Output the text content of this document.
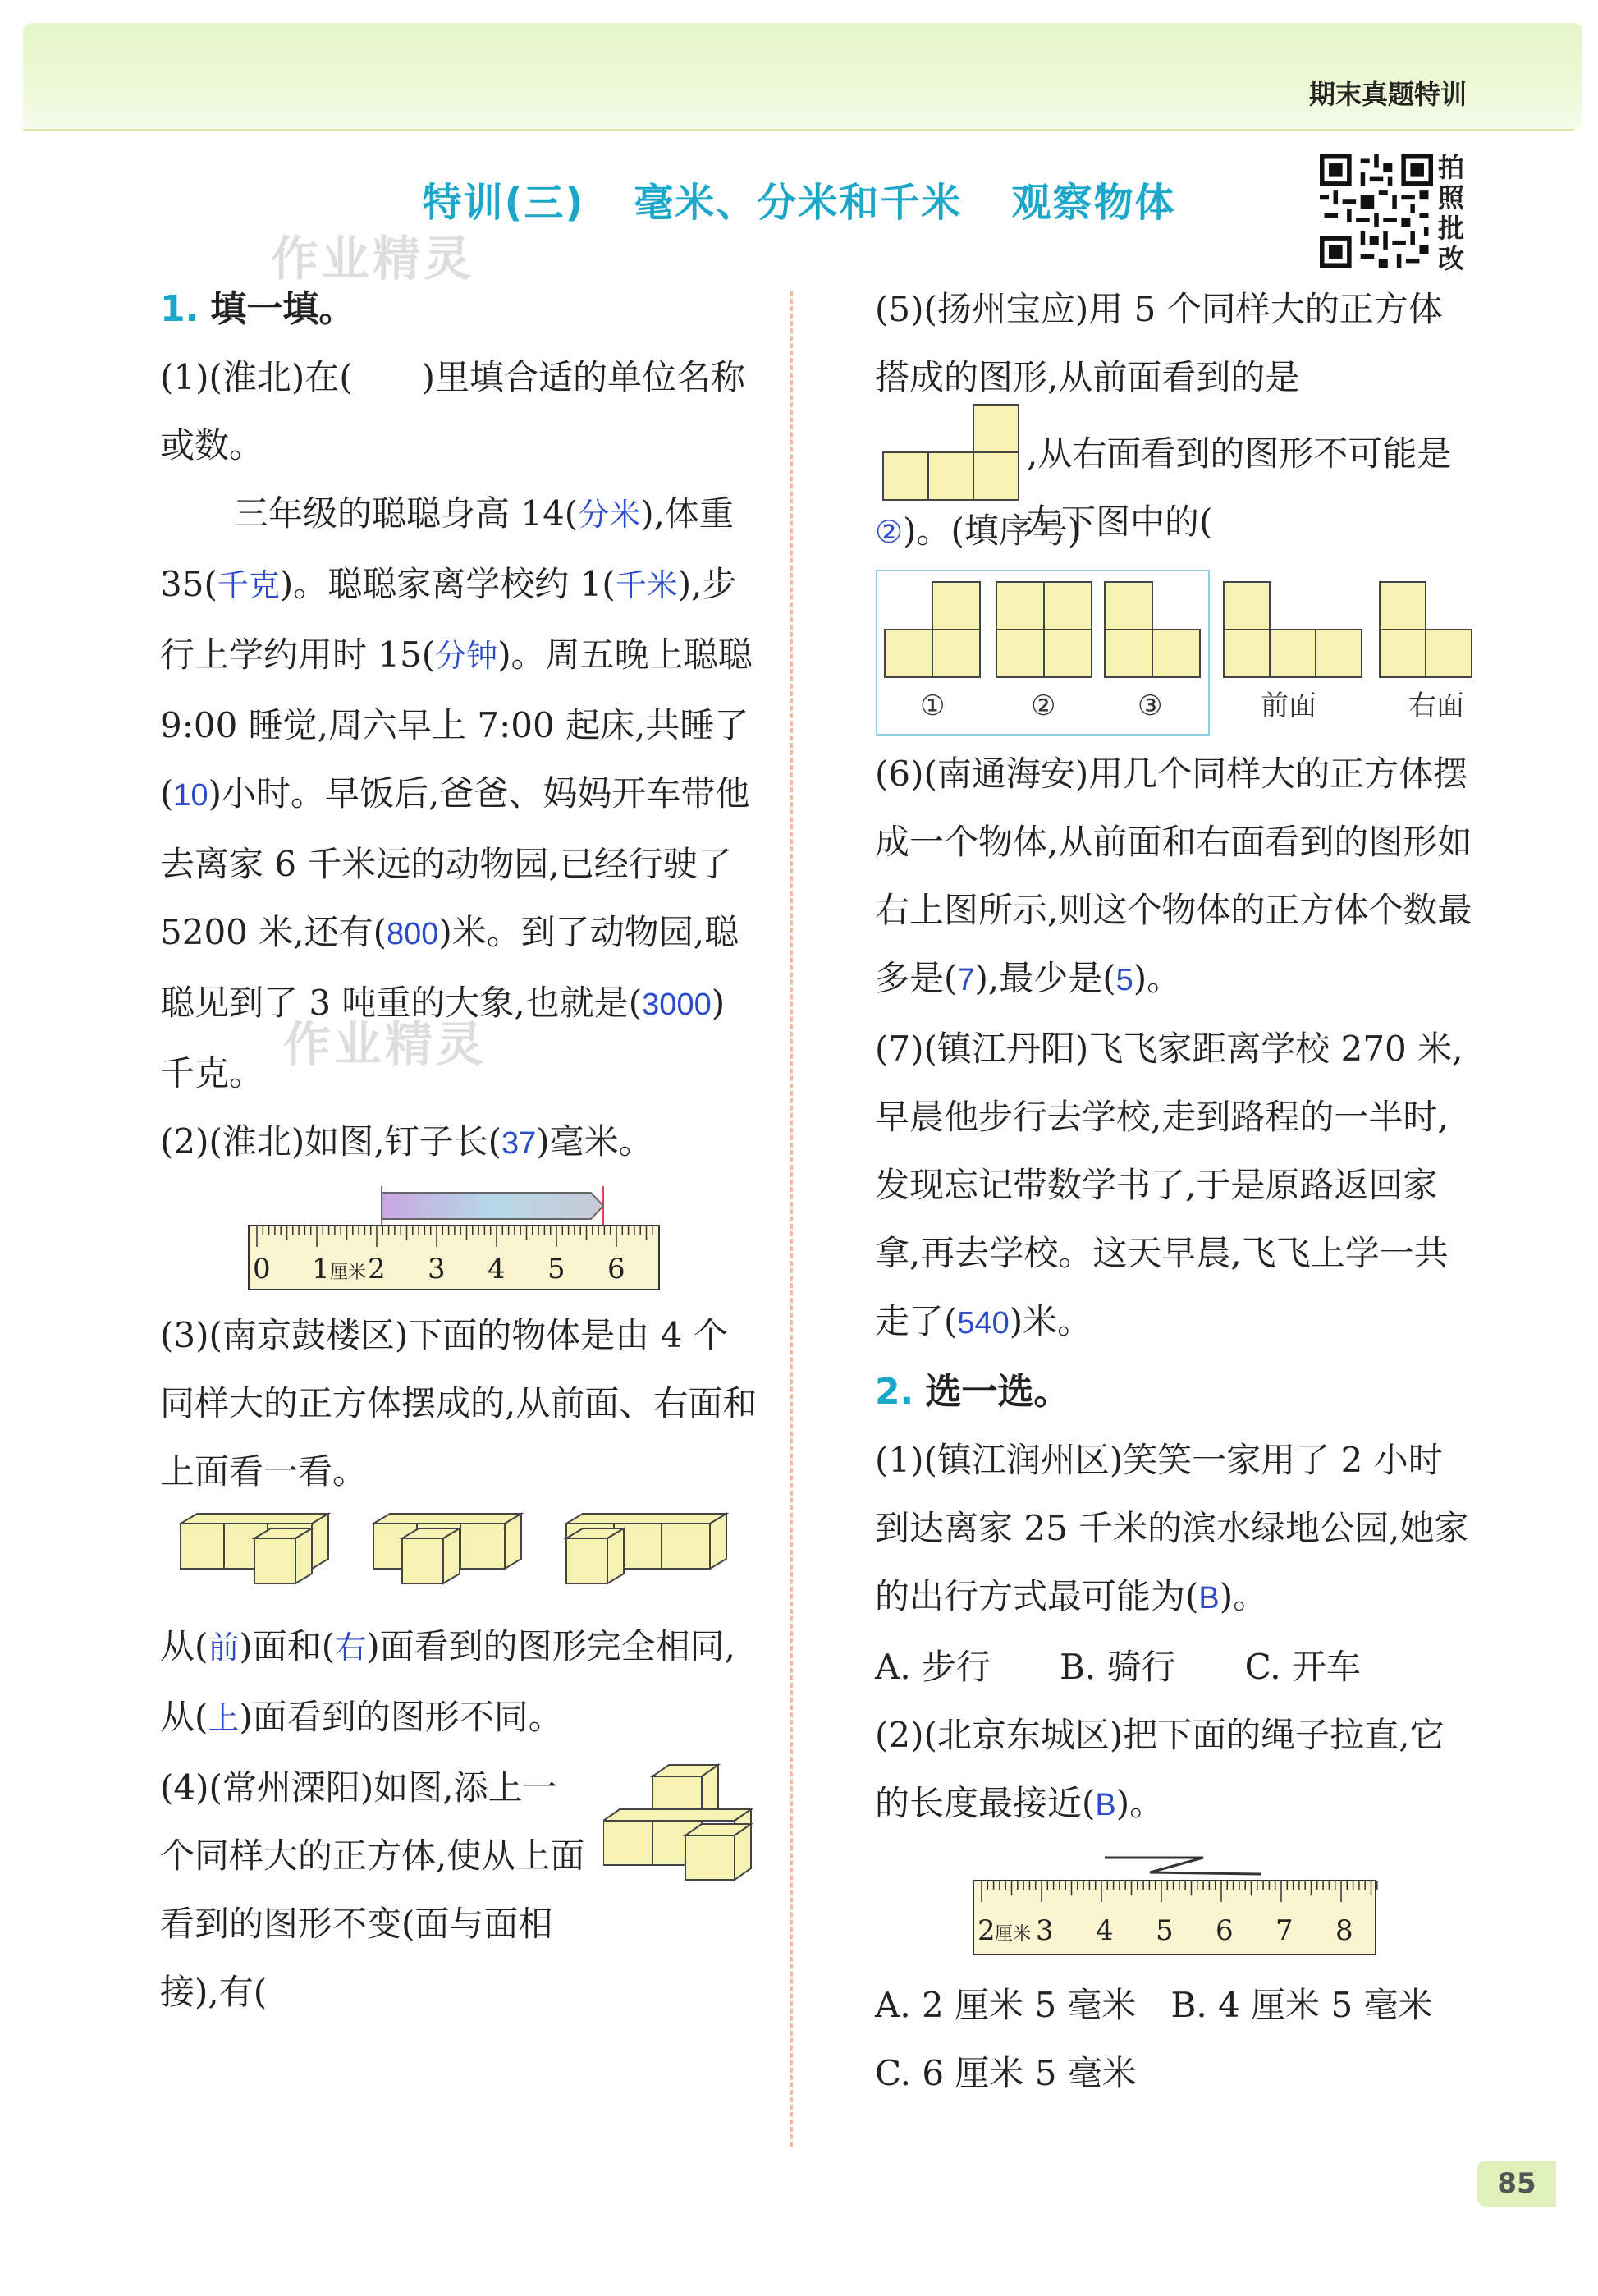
期末真题特训
特训(三) 毫米、分米和千米 观察物体
作业精灵
作业精灵
拍
照
批
改

1. 填一填。

(1)(淮北)在(　　)里填合适的单位名称或数。

三年级的聪聪身高 14(分米),体重 35(千克)。聪聪家离学校约 1(千米),步行上学约用时 15(分钟)。周五晚上聪聪 9:00 睡觉,周六早上 7:00 起床,共睡了(10)小时。早饭后,爸爸、妈妈开车带他去离家 6 千米远的动物园,已经行驶了 5200 米,还有(800)米。到了动物园,聪聪见到了 3 吨重的大象,也就是(3000)千克。

(2)(淮北)如图,钉子长(37)毫米。

0 1 厘米 2 3 4 5 6

(3)(南京鼓楼区)下面的物体是由 4 个同样大的正方体摆成的,从前面、右面和上面看一看。

从(前)面和(右)面看到的图形完全相同,从(上)面看到的图形不同。

(4)(常州溧阳)如图,添上一个同样大的正方体,使从上面看到的图形不变(面与面相接),有(

(5)(扬州宝应)用 5 个同样大的正方体搭成的图形,从前面看到的是

,从右面看到的图形不可能是左下图中的(

②)。(填序号)

①	②	③	前面	右面

(6)(南通海安)用几个同样大的正方体摆成一个物体,从前面和右面看到的图形如右上图所示,则这个物体的正方体个数最多是(7),最少是(5)。

(7)(镇江丹阳)飞飞家距离学校 270 米,早晨他步行去学校,走到路程的一半时,发现忘记带数学书了,于是原路返回家拿,再去学校。这天早晨,飞飞上学一共走了(540)米。

2. 选一选。

(1)(镇江润州区)笑笑一家用了 2 小时到达离家 25 千米的滨水绿地公园,她家的出行方式最可能为(B)。

A. 步行　　B. 骑行　　C. 开车

(2)(北京东城区)把下面的绳子拉直,它的长度最接近(B)。

2 厘米 3 4 5 6 7 8

A. 2 厘米 5 毫米　B. 4 厘米 5 毫米

C. 6 厘米 5 毫米

85
